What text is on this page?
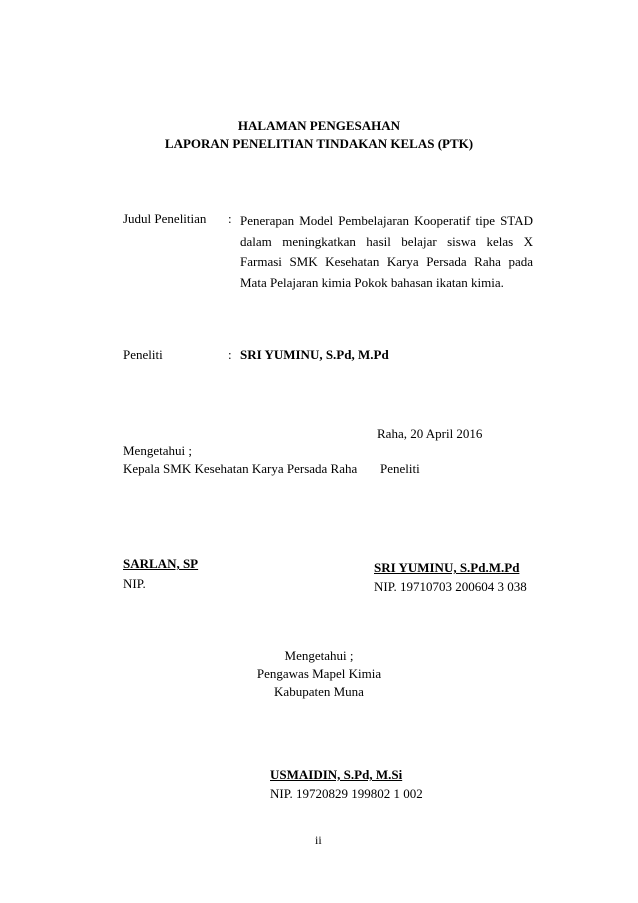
HALAMAN PENGESAHAN
LAPORAN PENELITIAN TINDAKAN KELAS (PTK)
Judul Penelitian : Penerapan Model Pembelajaran Kooperatif tipe STAD dalam meningkatkan hasil belajar siswa kelas X Farmasi SMK Kesehatan Karya Persada Raha pada Mata Pelajaran kimia Pokok bahasan ikatan kimia.
Peneliti	: SRI YUMINU, S.Pd, M.Pd
Raha, 20 April 2016
Mengetahui ;
Kepala SMK Kesehatan Karya Persada Raha Peneliti
SARLAN, SP
NIP.
SRI YUMINU, S.Pd.M.Pd
NIP. 19710703 200604 3 038
Mengetahui ;
Pengawas Mapel Kimia
Kabupaten Muna
USMAIDIN, S.Pd, M.Si
NIP. 19720829 199802 1 002
ii
